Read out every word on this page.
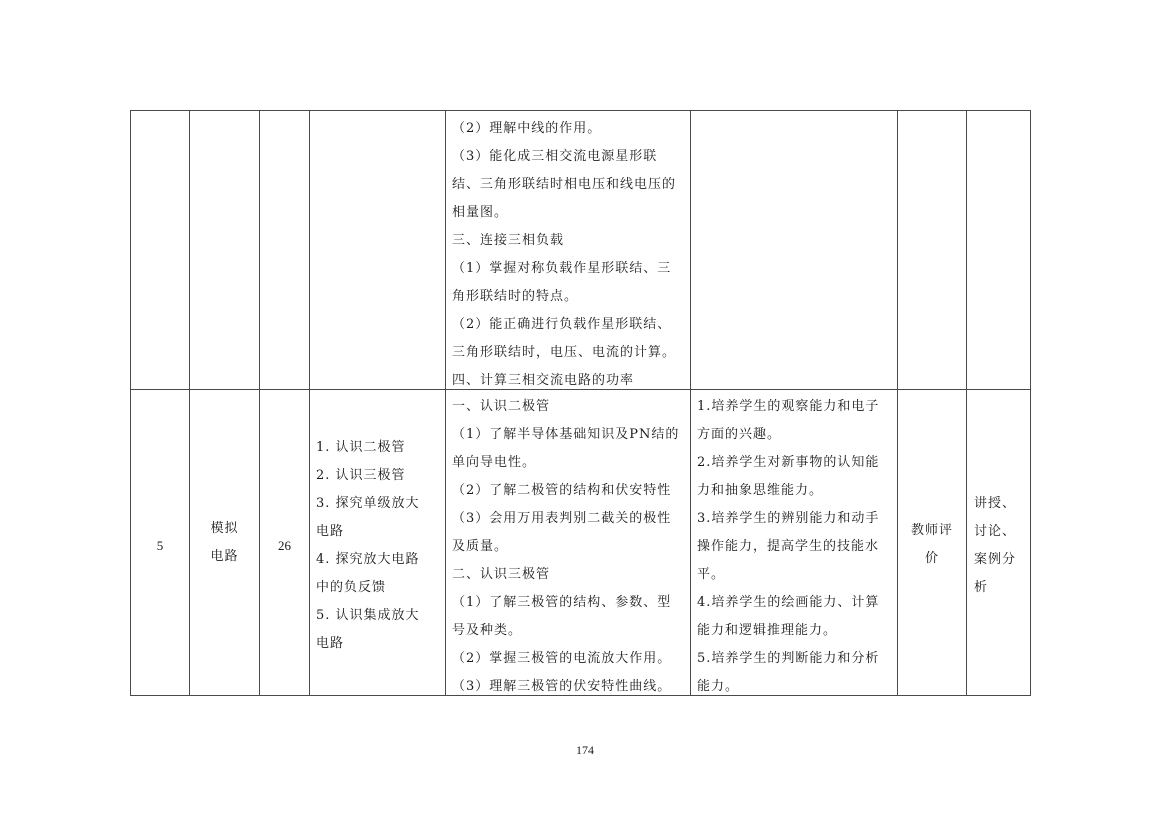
（2）理解中线的作用。
（3）能化成三相交流电源星形联
结、三角形联结时相电压和线电压的
相量图。
三、连接三相负载
（1）掌握对称负载作星形联结、三
角形联结时的特点。
（2）能正确进行负载作星形联结、
三角形联结时，电压、电流的计算。
四、计算三相交流电路的功率
5
模拟
电路
26
1. 认识二极管
2. 认识三极管
3. 探究单级放大
电路
4. 探究放大电路
中的负反馈
5. 认识集成放大
电路
一、认识二极管
（1）了解半导体基础知识及PN结的
单向导电性。
（2）了解二极管的结构和伏安特性
（3）会用万用表判别二截关的极性
及质量。
二、认识三极管
（1）了解三极管的结构、参数、型
号及种类。
（2）掌握三极管的电流放大作用。
（3）理解三极管的伏安特性曲线。
1.培养学生的观察能力和电子
方面的兴趣。
2.培养学生对新事物的认知能
力和抽象思维能力。
3.培养学生的辨别能力和动手
操作能力，提高学生的技能水
平。
4.培养学生的绘画能力、计算
能力和逻辑推理能力。
5.培养学生的判断能力和分析
能力。
教师评
价
讲授、
讨论、
案例分
析
174
